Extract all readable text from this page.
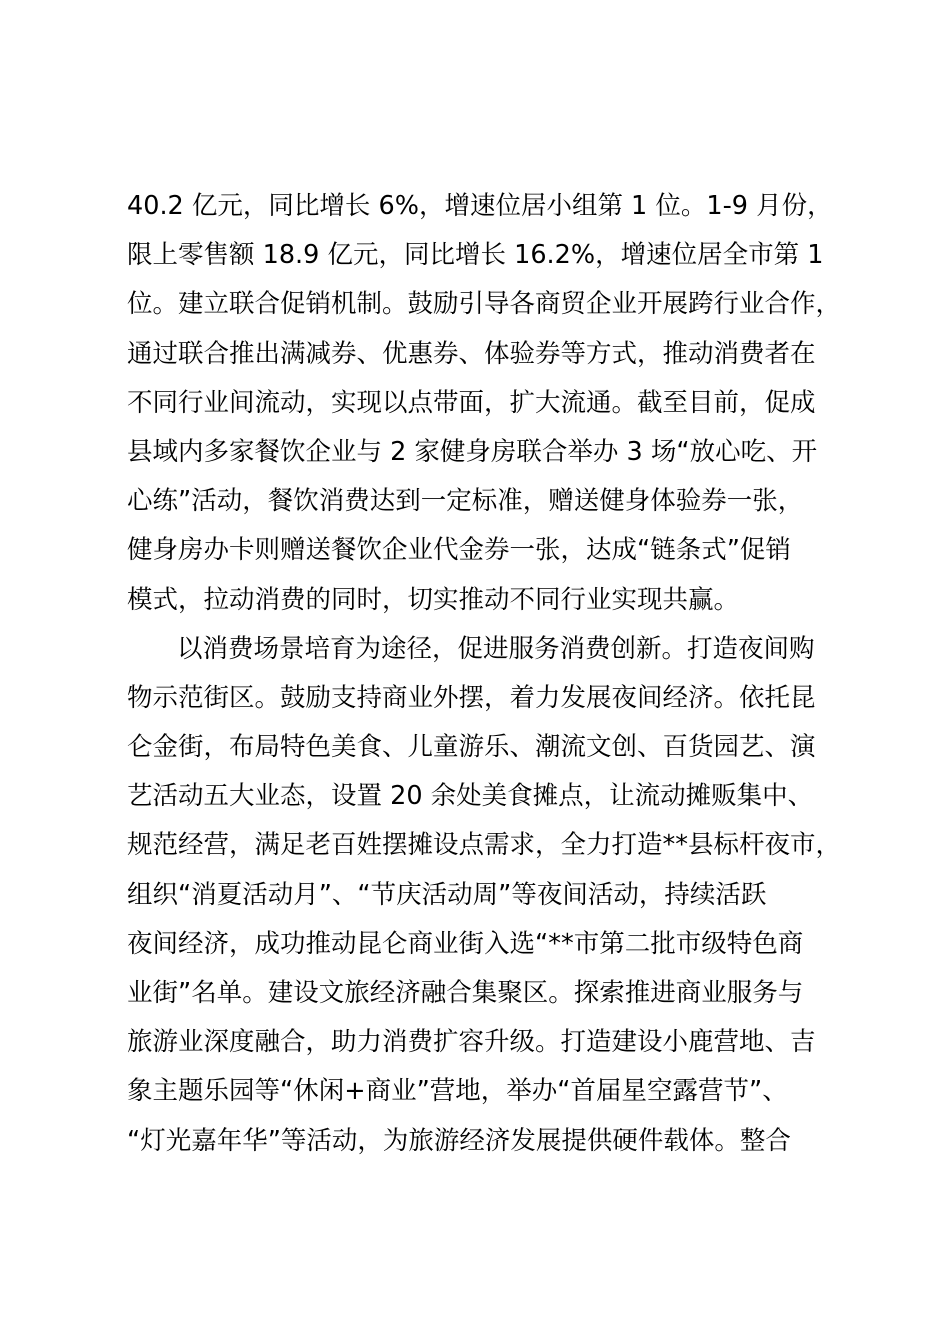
40.2 亿元，同比增长 6%，增速位居小组第 1 位。1-9 月份，
限上零售额 18.9 亿元，同比增长 16.2%，增速位居全市第 1
位。建立联合促销机制。鼓励引导各商贸企业开展跨行业合作，
通过联合推出满减券、优惠券、体验券等方式，推动消费者在
不同行业间流动，实现以点带面，扩大流通。截至目前，促成
县域内多家餐饮企业与 2 家健身房联合举办 3 场“放心吃、开
心练”活动，餐饮消费达到一定标准，赠送健身体验券一张，
健身房办卡则赠送餐饮企业代金券一张，达成“链条式”促销
模式，拉动消费的同时，切实推动不同行业实现共赢。
以消费场景培育为途径，促进服务消费创新。打造夜间购
物示范街区。鼓励支持商业外摆，着力发展夜间经济。依托昆
仑金街，布局特色美食、儿童游乐、潮流文创、百货园艺、演
艺活动五大业态，设置 20 余处美食摊点，让流动摊贩集中、
规范经营，满足老百姓摆摊设点需求，全力打造**县标杆夜市，
组织“消夏活动月”、“节庆活动周”等夜间活动，持续活跃
夜间经济，成功推动昆仑商业街入选“**市第二批市级特色商
业街”名单。建设文旅经济融合集聚区。探索推进商业服务与
旅游业深度融合，助力消费扩容升级。打造建设小鹿营地、吉
象主题乐园等“休闲+商业”营地，举办“首届星空露营节”、
“灯光嘉年华”等活动，为旅游经济发展提供硬件载体。整合
